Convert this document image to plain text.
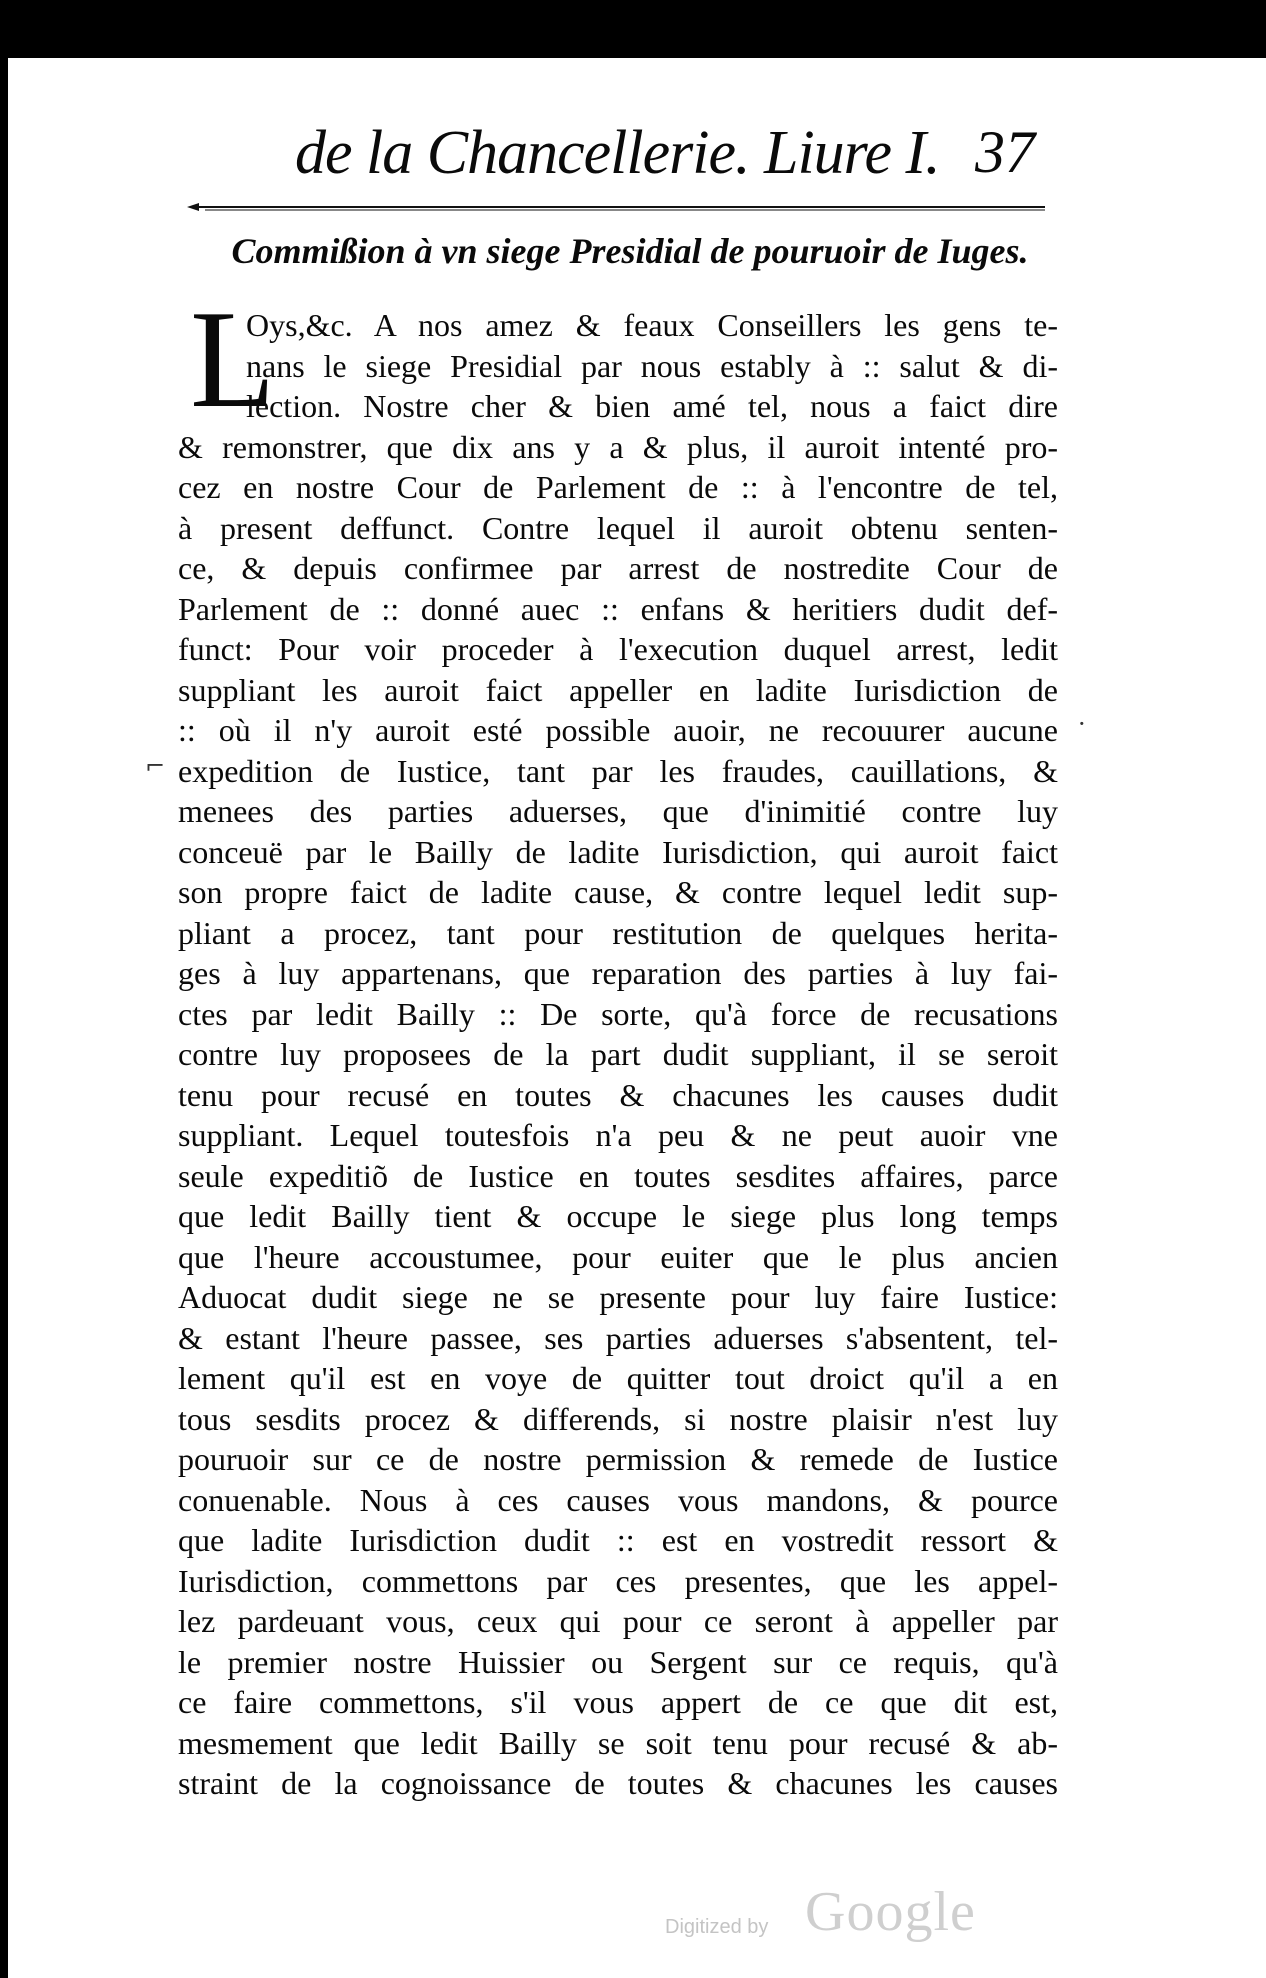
de la Chancellerie. Liure I. 37
Commißion à vn siege Presidial de pouruoir de Iuges.
L
Oys,&c. A nos amez & feaux Conseillers les gens te-
nans le siege Presidial par nous estably à :: salut & di-
lection. Nostre cher & bien amé tel, nous a faict dire
& remonstrer, que dix ans y a & plus, il auroit intenté pro-
cez en nostre Cour de Parlement de :: à l'encontre de tel,
à present deffunct. Contre lequel il auroit obtenu senten-
ce, & depuis confirmee par arrest de nostredite Cour de
Parlement de :: donné auec :: enfans & heritiers dudit def-
funct: Pour voir proceder à l'execution duquel arrest, ledit
suppliant les auroit faict appeller en ladite Iurisdiction de
:: où il n'y auroit esté possible auoir, ne recouurer aucune
expedition de Iustice, tant par les fraudes, cauillations, &
menees des parties aduerses, que d'inimitié contre luy
conceuë par le Bailly de ladite Iurisdiction, qui auroit faict
son propre faict de ladite cause, & contre lequel ledit sup-
pliant a procez, tant pour restitution de quelques herita-
ges à luy appartenans, que reparation des parties à luy fai-
ctes par ledit Bailly :: De sorte, qu'à force de recusations
contre luy proposees de la part dudit suppliant, il se seroit
tenu pour recusé en toutes & chacunes les causes dudit
suppliant. Lequel toutesfois n'a peu & ne peut auoir vne
seule expeditiõ de Iustice en toutes sesdites affaires, parce
que ledit Bailly tient & occupe le siege plus long temps
que l'heure accoustumee, pour euiter que le plus ancien
Aduocat dudit siege ne se presente pour luy faire Iustice:
& estant l'heure passee, ses parties aduerses s'absentent, tel-
lement qu'il est en voye de quitter tout droict qu'il a en
tous sesdits procez & differends, si nostre plaisir n'est luy
pouruoir sur ce de nostre permission & remede de Iustice
conuenable. Nous à ces causes vous mandons, & pource
que ladite Iurisdiction dudit :: est en vostredit ressort &
Iurisdiction, commettons par ces presentes, que les appel-
lez pardeuant vous, ceux qui pour ce seront à appeller par
le premier nostre Huissier ou Sergent sur ce requis, qu'à
ce faire commettons, s'il vous appert de ce que dit est,
mesmement que ledit Bailly se soit tenu pour recusé & ab-
straint de la cognoissance de toutes & chacunes les causes
⌐
·
Digitized by Google
